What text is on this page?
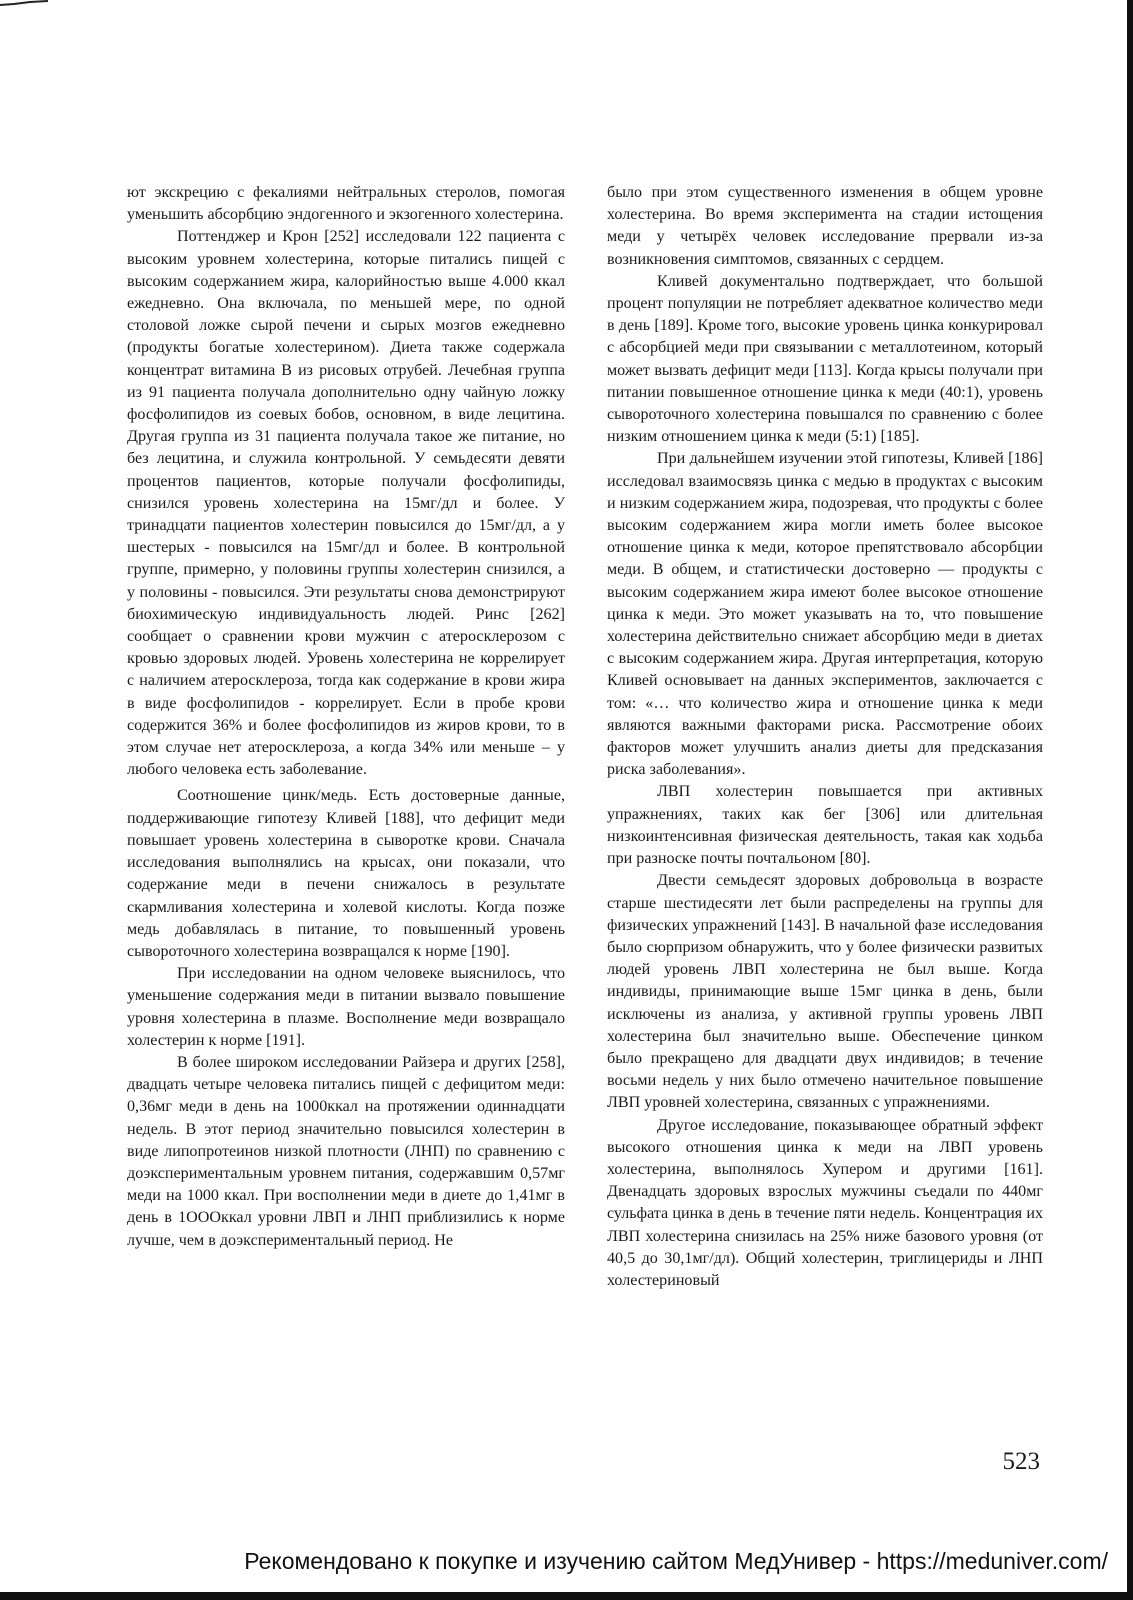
ют экскрецию с фекалиями нейтральных стеролов, помогая уменьшить абсорбцию эндогенного и экзогенного холестерина.

Поттенджер и Крон [252] исследовали 122 пациента с высоким уровнем холестерина, которые питались пищей с высоким содержанием жира, калорийностью выше 4.000 ккал ежедневно. Она включала, по меньшей мере, по одной столовой ложке сырой печени и сырых мозгов ежедневно (продукты богатые холестерином). Диета также содержала концентрат витамина В из рисовых отрубей. Лечебная группа из 91 пациента получала дополнительно одну чайную ложку фосфолипидов из соевых бобов, основном, в виде лецитина. Другая группа из 31 пациента получала такое же питание, но без лецитина, и служила контрольной. У семьдесяти девяти процентов пациентов, которые получали фосфолипиды, снизился уровень холестерина на 15мг/дл и более. У тринадцати пациентов холестерин повысился до 15мг/дл, а у шестерых - повысился на 15мг/дл и более. В контрольной группе, примерно, у половины группы холестерин снизился, а у половины - повысился. Эти результаты снова демонстрируют биохимическую индивидуальность людей. Ринс [262] сообщает о сравнении крови мужчин с атеросклерозом с кровью здоровых людей. Уровень холестерина не коррелирует с наличием атеросклероза, тогда как содержание в крови жира в виде фосфолипидов - коррелирует. Если в пробе крови содержится 36% и более фосфолипидов из жиров крови, то в этом случае нет атеросклероза, а когда 34% или меньше – у любого человека есть заболевание.

Соотношение цинк/медь. Есть достоверные данные, поддерживающие гипотезу Кливей [188], что дефицит меди повышает уровень холестерина в сыворотке крови. Сначала исследования выполнялись на крысах, они показали, что содержание меди в печени снижалось в результате скармливания холестерина и холевой кислоты. Когда позже медь добавлялась в питание, то повышенный уровень сывороточного холестерина возвращался к норме [190].

При исследовании на одном человеке выяснилось, что уменьшение содержания меди в питании вызвало повышение уровня холестерина в плазме. Восполнение меди возвращало холестерин к норме [191].

В более широком исследовании Райзера и других [258], двадцать четыре человека питались пищей с дефицитом меди: 0,36мг меди в день на 1000ккал на протяжении одиннадцати недель. В этот период значительно повысился холестерин в виде липопротеинов низкой плотности (ЛНП) по сравнению с доэкспериментальным уровнем питания, содержавшим 0,57мг меди на 1000 ккал. При восполнении меди в диете до 1,41мг в день в 1ОООккал уровни ЛВП и ЛНП приблизились к норме лучше, чем в доэкспериментальный период. Не

было при этом существенного изменения в общем уровне холестерина. Во время эксперимента на стадии истощения меди у четырёх человек исследование прервали из-за возникновения симптомов, связанных с сердцем.

Кливей документально подтверждает, что большой процент популяции не потребляет адекватное количество меди в день [189]. Кроме того, высокие уровень цинка конкурировал с абсорбцией меди при связывании с металлотеином, который может вызвать дефицит меди [113]. Когда крысы получали при питании повышенное отношение цинка к меди (40:1), уровень сывороточного холестерина повышался по сравнению с более низким отношением цинка к меди (5:1) [185].

При дальнейшем изучении этой гипотезы, Кливей [186] исследовал взаимосвязь цинка с медью в продуктах с высоким и низким содержанием жира, подозревая, что продукты с более высоким содержанием жира могли иметь более высокое отношение цинка к меди, которое препятствовало абсорбции меди. В общем, и статистически достоверно — продукты с высоким содержанием жира имеют более высокое отношение цинка к меди. Это может указывать на то, что повышение холестерина действительно снижает абсорбцию меди в диетах с высоким содержанием жира. Другая интерпретация, которую Кливей основывает на данных экспериментов, заключается с том: «… что количество жира и отношение цинка к меди являются важными факторами риска. Рассмотрение обоих факторов может улучшить анализ диеты для предсказания риска заболевания».

ЛВП холестерин повышается при активных упражнениях, таких как бег [306] или длительная низкоинтенсивная физическая деятельность, такая как ходьба при разноске почты почтальоном [80].

Двести семьдесят здоровых добровольца в возрасте старше шестидесяти лет были распределены на группы для физических упражнений [143]. В начальной фазе исследования было сюрпризом обнаружить, что у более физически развитых людей уровень ЛВП холестерина не был выше. Когда индивиды, принимающие выше 15мг цинка в день, были исключены из анализа, у активной группы уровень ЛВП холестерина был значительно выше. Обеспечение цинком было прекращено для двадцати двух индивидов; в течение восьми недель у них было отмечено начительное повышение ЛВП уровней холестерина, связанных с упражнениями.

Другое исследование, показывающее обратный эффект высокого отношения цинка к меди на ЛВП уровень холестерина, выполнялось Хупером и другими [161]. Двенадцать здоровых взрослых мужчины съедали по 440мг сульфата цинка в день в течение пяти недель. Концентрация их ЛВП холестерина снизилась на 25% ниже базового уровня (от 40,5 до 30,1мг/дл). Общий холестерин, триглицериды и ЛНП холестериновый

523
Рекомендовано к покупке и изучению сайтом МедУнивер - https://meduniver.com/
